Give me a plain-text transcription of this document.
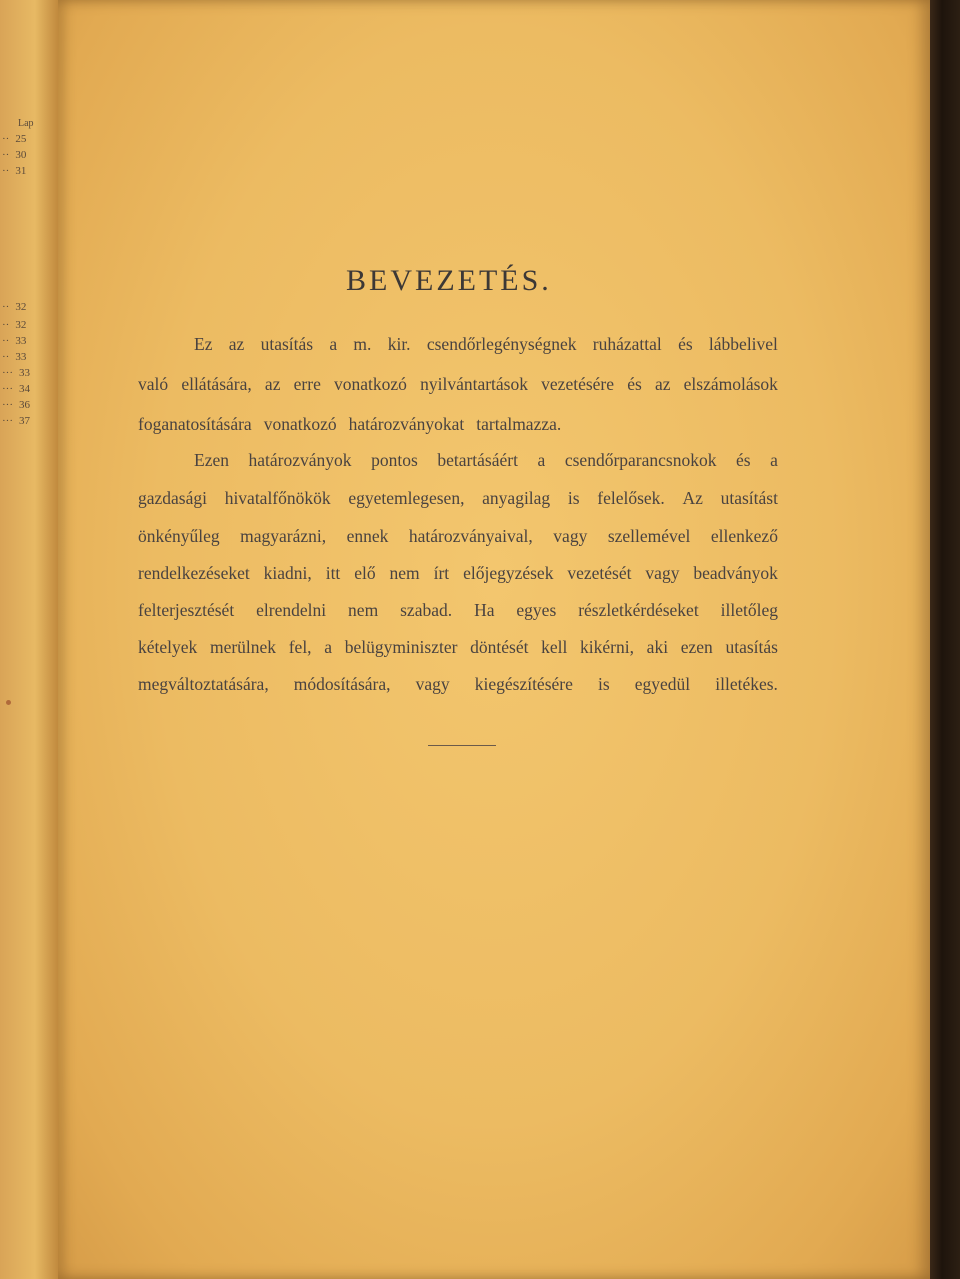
Lap
·· 25
·· 30
·· 31
·· 32
·· 32
·· 33
·· 33
··· 33
··· 34
··· 36
··· 37
BEVEZETÉS.
Ez az utasítás a m. kir. csendőrlegénységnek ruházattal és lábbelivel
való ellátására, az erre vonatkozó nyilvántartások vezetésére és az elszámolások
foganatosítására vonatkozó határozványokat tartalmazza.
Ezen határozványok pontos betartásáért a csendőrparancsnokok és a
gazdasági hivatalfőnökök egyetemlegesen, anyagilag is felelősek. Az utasítást
önkényűleg magyarázni, ennek határozványaival, vagy szellemével ellenkező
rendelkezéseket kiadni, itt elő nem írt előjegyzések vezetését vagy beadványok
felterjesztését elrendelni nem szabad. Ha egyes részletkérdéseket illetőleg
kételyek merülnek fel, a belügyminiszter döntését kell kikérni, aki ezen utasítás
megváltoztatására, módosítására, vagy kiegészítésére is egyedül illetékes.
